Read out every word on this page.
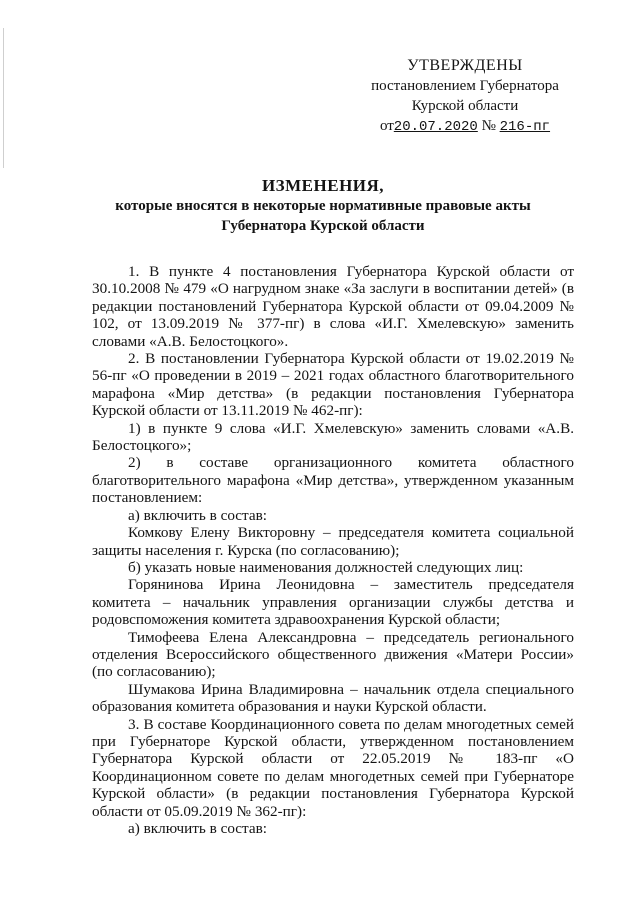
УТВЕРЖДЕНЫ
постановлением Губернатора
Курской области
от20.07.2020 № 216-пг
ИЗМЕНЕНИЯ,
которые вносятся в некоторые нормативные правовые акты
Губернатора Курской области

1. В пункте 4 постановления Губернатора Курской области от 30.10.2008 № 479 «О нагрудном знаке «За заслуги в воспитании детей» (в редакции постановлений Губернатора Курской области от 09.04.2009 № 102, от 13.09.2019 № 377-пг) в слова «И.Г. Хмелевскую» заменить словами «А.В. Белостоцкого».

2. В постановлении Губернатора Курской области от 19.02.2019 № 56-пг «О проведении в 2019 – 2021 годах областного благотворительного марафона «Мир детства» (в редакции постановления Губернатора Курской области от 13.11.2019 № 462-пг):

1) в пункте 9 слова «И.Г. Хмелевскую» заменить словами «А.В. Белостоцкого»;

2) в составе организационного комитета областного благотворительного марафона «Мир детства», утвержденном указанным постановлением:

а) включить в состав:

Комкову Елену Викторовну – председателя комитета социальной защиты населения г. Курска (по согласованию);

б) указать новые наименования должностей следующих лиц:

Горянинова Ирина Леонидовна – заместитель председателя комитета – начальник управления организации службы детства и родовспоможения комитета здравоохранения Курской области;

Тимофеева Елена Александровна – председатель регионального отделения Всероссийского общественного движения «Матери России» (по согласованию);

Шумакова Ирина Владимировна – начальник отдела специального образования комитета образования и науки Курской области.

3. В составе Координационного совета по делам многодетных семей при Губернаторе Курской области, утвержденном постановлением Губернатора Курской области от 22.05.2019 № 183-пг «О Координационном совете по делам многодетных семей при Губернаторе Курской области» (в редакции постановления Губернатора Курской области от 05.09.2019 № 362-пг):

а) включить в состав:
